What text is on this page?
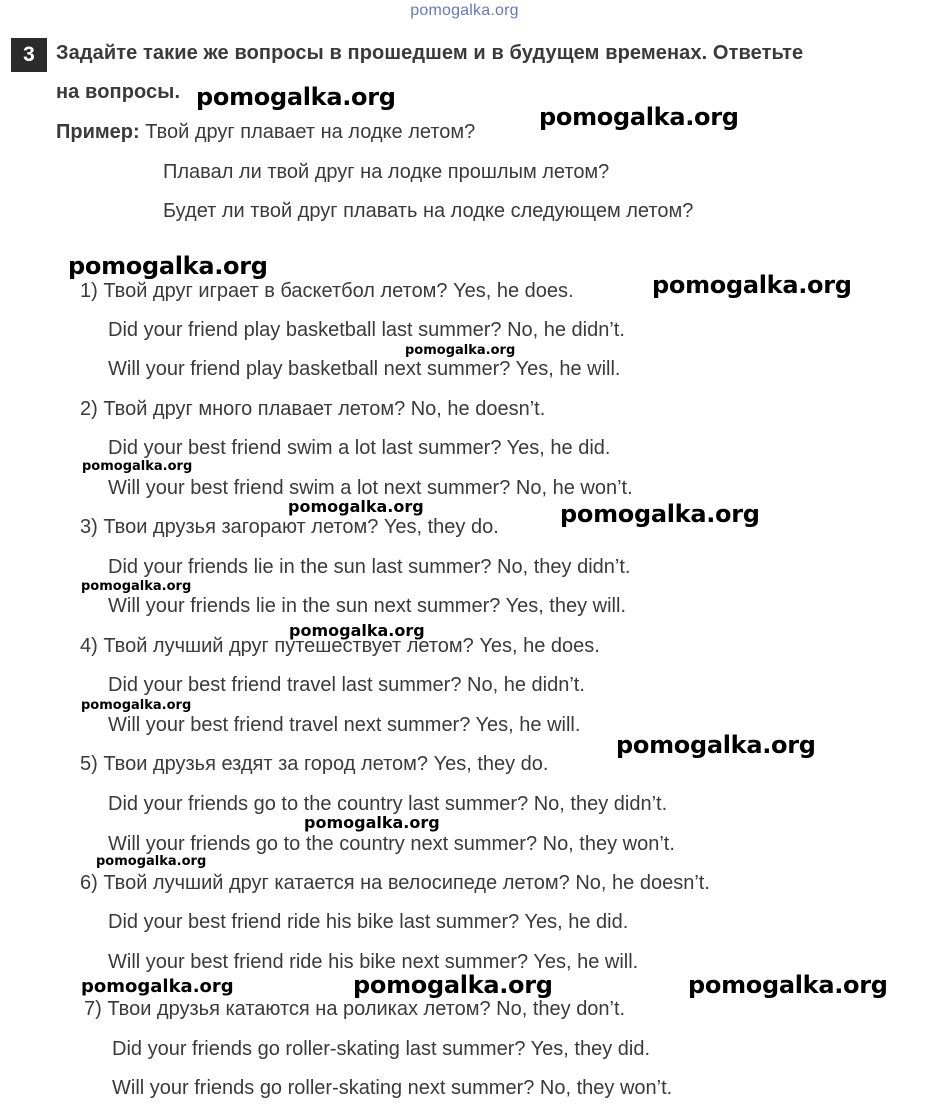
pomogalka.org
3	Задайте такие же вопросы в прошедшем и в будущем временах. Ответьте
на вопросы.
Пример: Твой друг плавает на лодке летом?
Плавал ли твой друг на лодке прошлым летом?
Будет ли твой друг плавать на лодке следующем летом?
1) Твой друг играет в баскетбол летом? Yes, he does.
Did your friend play basketball last summer? No, he didn’t.
Will your friend play basketball next summer? Yes, he will.
2) Твой друг много плавает летом? No, he doesn’t.
Did your best friend swim a lot last summer? Yes, he did.
Will your best friend swim a lot next summer? No, he won’t.
3) Твои друзья загорают летом? Yes, they do.
Did your friends lie in the sun last summer? No, they didn’t.
Will your friends lie in the sun next summer? Yes, they will.
4) Твой лучший друг путешествует летом? Yes, he does.
Did your best friend travel last summer? No, he didn’t.
Will your best friend travel next summer? Yes, he will.
5) Твои друзья ездят за город летом? Yes, they do.
Did your friends go to the country last summer? No, they didn’t.
Will your friends go to the country next summer? No, they won’t.
6) Твой лучший друг катается на велосипеде летом? No, he doesn’t.
Did your best friend ride his bike last summer? Yes, he did.
Will your best friend ride his bike next summer? Yes, he will.
7) Твои друзья катаются на роликах летом? No, they don’t.
Did your friends go roller-skating last summer? Yes, they did.
Will your friends go roller-skating next summer? No, they won’t.
pomogalka.org
pomogalka.org
pomogalka.org
pomogalka.org
pomogalka.org
pomogalka.org
pomogalka.org	pomogalka.org
pomogalka.org
pomogalka.org
pomogalka.org
pomogalka.org
pomogalka.org
pomogalka.org
pomogalka.org	pomogalka.org	pomogalka.org
